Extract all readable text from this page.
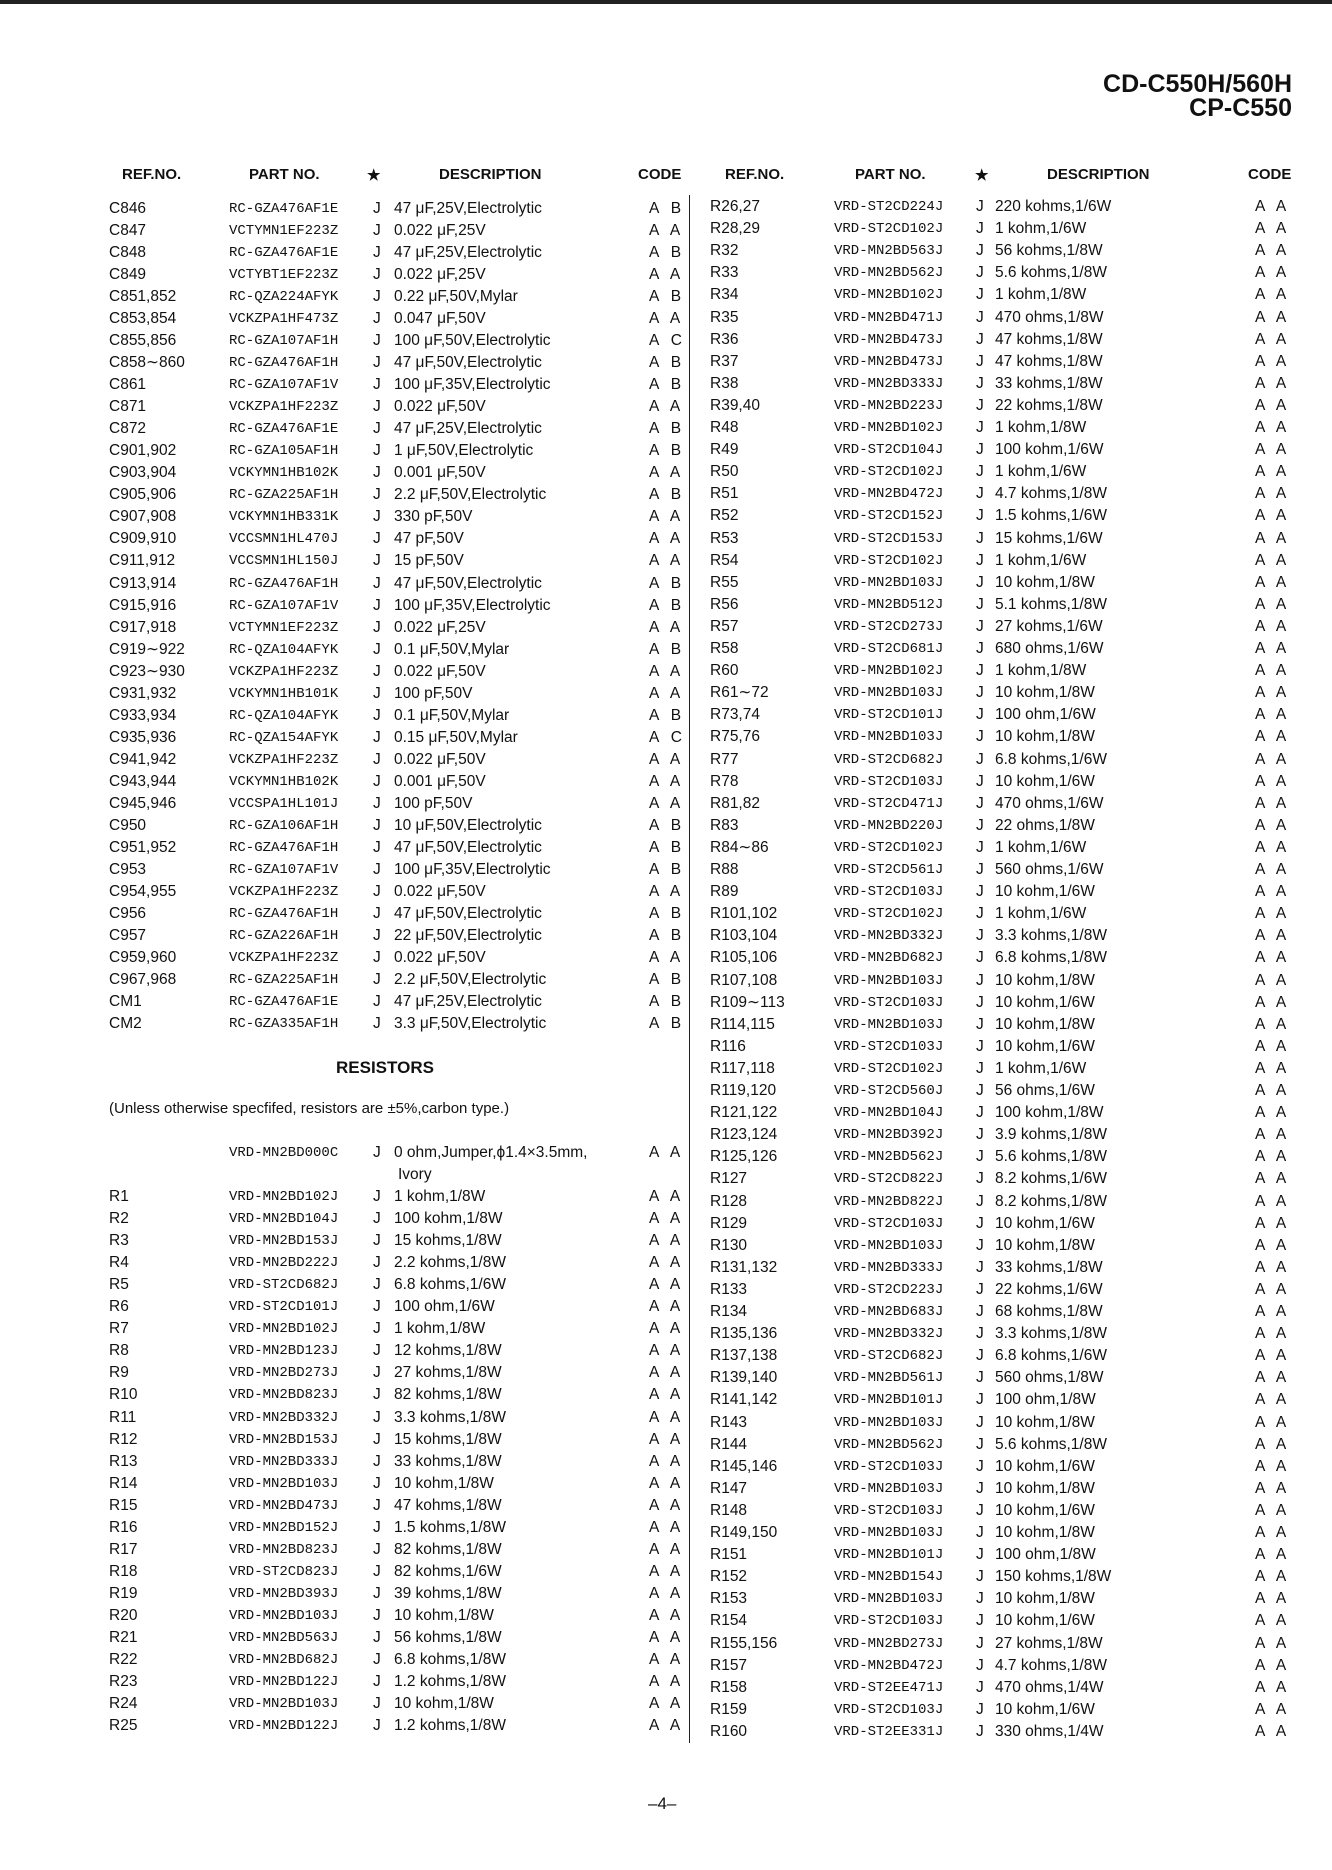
CD-C550H/560H
CP-C550
REF.NO.	PART NO.	★	DESCRIPTION	CODE	REF.NO.	PART NO.	★	DESCRIPTION	CODE
C846	RC-GZA476AF1E J 47 μF,25V,Electrolytic	A B
C847	VCTYMN1EF223Z J 0.022 μF,25V	A A
C848	RC-GZA476AF1E J 47 μF,25V,Electrolytic	A B
C849	VCTYBT1EF223Z J 0.022 μF,25V	A A
C851,852	RC-QZA224AFYK J 0.22 μF,50V,Mylar	A B
C853,854	VCKZPA1HF473Z J 0.047 μF,50V	A A
C855,856	RC-GZA107AF1H J 100 μF,50V,Electrolytic	A C
C858∼860	RC-GZA476AF1H J 47 μF,50V,Electrolytic	A B
C861	RC-GZA107AF1V J 100 μF,35V,Electrolytic	A B
C871	VCKZPA1HF223Z J 0.022 μF,50V	A A
C872	RC-GZA476AF1E J 47 μF,25V,Electrolytic	A B
C901,902	RC-GZA105AF1H J 1 μF,50V,Electrolytic	A B
C903,904	VCKYMN1HB102K J 0.001 μF,50V	A A
C905,906	RC-GZA225AF1H J 2.2 μF,50V,Electrolytic	A B
C907,908	VCKYMN1HB331K J 330 pF,50V	A A
C909,910	VCCSMN1HL470J J 47 pF,50V	A A
C911,912	VCCSMN1HL150J J 15 pF,50V	A A
C913,914	RC-GZA476AF1H J 47 μF,50V,Electrolytic	A B
C915,916	RC-GZA107AF1V J 100 μF,35V,Electrolytic	A B
C917,918	VCTYMN1EF223Z J 0.022 μF,25V	A A
C919∼922	RC-QZA104AFYK J 0.1 μF,50V,Mylar	A B
C923∼930	VCKZPA1HF223Z J 0.022 μF,50V	A A
C931,932	VCKYMN1HB101K J 100 pF,50V	A A
C933,934	RC-QZA104AFYK J 0.1 μF,50V,Mylar	A B
C935,936	RC-QZA154AFYK J 0.15 μF,50V,Mylar	A C
C941,942	VCKZPA1HF223Z J 0.022 μF,50V	A A
C943,944	VCKYMN1HB102K J 0.001 μF,50V	A A
C945,946	VCCSPA1HL101J J 100 pF,50V	A A
C950	RC-GZA106AF1H J 10 μF,50V,Electrolytic	A B
C951,952	RC-GZA476AF1H J 47 μF,50V,Electrolytic	A B
C953	RC-GZA107AF1V J 100 μF,35V,Electrolytic	A B
C954,955	VCKZPA1HF223Z J 0.022 μF,50V	A A
C956	RC-GZA476AF1H J 47 μF,50V,Electrolytic	A B
C957	RC-GZA226AF1H J 22 μF,50V,Electrolytic	A B
C959,960	VCKZPA1HF223Z J 0.022 μF,50V	A A
C967,968	RC-GZA225AF1H J 2.2 μF,50V,Electrolytic	A B
CM1	RC-GZA476AF1E J 47 μF,25V,Electrolytic	A B
CM2	RC-GZA335AF1H J 3.3 μF,50V,Electrolytic	A B
RESISTORS
(Unless otherwise specfifed, resistors are ±5%,carbon type.)
VRD-MN2BD000C J 0 ohm,Jumper,ϕ1.4×3.5mm,	A A
Ivory
R1	VRD-MN2BD102J J 1 kohm,1/8W	A A
R2	VRD-MN2BD104J J 100 kohm,1/8W	A A
R3	VRD-MN2BD153J J 15 kohms,1/8W	A A
R4	VRD-MN2BD222J J 2.2 kohms,1/8W	A A
R5	VRD-ST2CD682J J 6.8 kohms,1/6W	A A
R6	VRD-ST2CD101J J 100 ohm,1/6W	A A
R7	VRD-MN2BD102J J 1 kohm,1/8W	A A
R8	VRD-MN2BD123J J 12 kohms,1/8W	A A
R9	VRD-MN2BD273J J 27 kohms,1/8W	A A
R10	VRD-MN2BD823J J 82 kohms,1/8W	A A
R11	VRD-MN2BD332J J 3.3 kohms,1/8W	A A
R12	VRD-MN2BD153J J 15 kohms,1/8W	A A
R13	VRD-MN2BD333J J 33 kohms,1/8W	A A
R14	VRD-MN2BD103J J 10 kohm,1/8W	A A
R15	VRD-MN2BD473J J 47 kohms,1/8W	A A
R16	VRD-MN2BD152J J 1.5 kohms,1/8W	A A
R17	VRD-MN2BD823J J 82 kohms,1/8W	A A
R18	VRD-ST2CD823J J 82 kohms,1/6W	A A
R19	VRD-MN2BD393J J 39 kohms,1/8W	A A
R20	VRD-MN2BD103J J 10 kohm,1/8W	A A
R21	VRD-MN2BD563J J 56 kohms,1/8W	A A
R22	VRD-MN2BD682J J 6.8 kohms,1/8W	A A
R23	VRD-MN2BD122J J 1.2 kohms,1/8W	A A
R24	VRD-MN2BD103J J 10 kohm,1/8W	A A
R25	VRD-MN2BD122J J 1.2 kohms,1/8W	A A
R26,27	VRD-ST2CD224J J 220 kohms,1/6W	A A
R28,29	VRD-ST2CD102J J 1 kohm,1/6W	A A
R32	VRD-MN2BD563J J 56 kohms,1/8W	A A
R33	VRD-MN2BD562J J 5.6 kohms,1/8W	A A
R34	VRD-MN2BD102J J 1 kohm,1/8W	A A
R35	VRD-MN2BD471J J 470 ohms,1/8W	A A
R36	VRD-MN2BD473J J 47 kohms,1/8W	A A
R37	VRD-MN2BD473J J 47 kohms,1/8W	A A
R38	VRD-MN2BD333J J 33 kohms,1/8W	A A
R39,40	VRD-MN2BD223J J 22 kohms,1/8W	A A
R48	VRD-MN2BD102J J 1 kohm,1/8W	A A
R49	VRD-ST2CD104J J 100 kohm,1/6W	A A
R50	VRD-ST2CD102J J 1 kohm,1/6W	A A
R51	VRD-MN2BD472J J 4.7 kohms,1/8W	A A
R52	VRD-ST2CD152J J 1.5 kohms,1/6W	A A
R53	VRD-ST2CD153J J 15 kohms,1/6W	A A
R54	VRD-ST2CD102J J 1 kohm,1/6W	A A
R55	VRD-MN2BD103J J 10 kohm,1/8W	A A
R56	VRD-MN2BD512J J 5.1 kohms,1/8W	A A
R57	VRD-ST2CD273J J 27 kohms,1/6W	A A
R58	VRD-ST2CD681J J 680 ohms,1/6W	A A
R60	VRD-MN2BD102J J 1 kohm,1/8W	A A
R61∼72	VRD-MN2BD103J J 10 kohm,1/8W	A A
R73,74	VRD-ST2CD101J J 100 ohm,1/6W	A A
R75,76	VRD-MN2BD103J J 10 kohm,1/8W	A A
R77	VRD-ST2CD682J J 6.8 kohms,1/6W	A A
R78	VRD-ST2CD103J J 10 kohm,1/6W	A A
R81,82	VRD-ST2CD471J J 470 ohms,1/6W	A A
R83	VRD-MN2BD220J J 22 ohms,1/8W	A A
R84∼86	VRD-ST2CD102J J 1 kohm,1/6W	A A
R88	VRD-ST2CD561J J 560 ohms,1/6W	A A
R89	VRD-ST2CD103J J 10 kohm,1/6W	A A
R101,102	VRD-ST2CD102J J 1 kohm,1/6W	A A
R103,104	VRD-MN2BD332J J 3.3 kohms,1/8W	A A
R105,106	VRD-MN2BD682J J 6.8 kohms,1/8W	A A
R107,108	VRD-MN2BD103J J 10 kohm,1/8W	A A
R109∼113	VRD-ST2CD103J J 10 kohm,1/6W	A A
R114,115	VRD-MN2BD103J J 10 kohm,1/8W	A A
R116	VRD-ST2CD103J J 10 kohm,1/6W	A A
R117,118	VRD-ST2CD102J J 1 kohm,1/6W	A A
R119,120	VRD-ST2CD560J J 56 ohms,1/6W	A A
R121,122	VRD-MN2BD104J J 100 kohm,1/8W	A A
R123,124	VRD-MN2BD392J J 3.9 kohms,1/8W	A A
R125,126	VRD-MN2BD562J J 5.6 kohms,1/8W	A A
R127	VRD-ST2CD822J J 8.2 kohms,1/6W	A A
R128	VRD-MN2BD822J J 8.2 kohms,1/8W	A A
R129	VRD-ST2CD103J J 10 kohm,1/6W	A A
R130	VRD-MN2BD103J J 10 kohm,1/8W	A A
R131,132	VRD-MN2BD333J J 33 kohms,1/8W	A A
R133	VRD-ST2CD223J J 22 kohms,1/6W	A A
R134	VRD-MN2BD683J J 68 kohms,1/8W	A A
R135,136	VRD-MN2BD332J J 3.3 kohms,1/8W	A A
R137,138	VRD-ST2CD682J J 6.8 kohms,1/6W	A A
R139,140	VRD-MN2BD561J J 560 ohms,1/8W	A A
R141,142	VRD-MN2BD101J J 100 ohm,1/8W	A A
R143	VRD-MN2BD103J J 10 kohm,1/8W	A A
R144	VRD-MN2BD562J J 5.6 kohms,1/8W	A A
R145,146	VRD-ST2CD103J J 10 kohm,1/6W	A A
R147	VRD-MN2BD103J J 10 kohm,1/8W	A A
R148	VRD-ST2CD103J J 10 kohm,1/6W	A A
R149,150	VRD-MN2BD103J J 10 kohm,1/8W	A A
R151	VRD-MN2BD101J J 100 ohm,1/8W	A A
R152	VRD-MN2BD154J J 150 kohms,1/8W	A A
R153	VRD-MN2BD103J J 10 kohm,1/8W	A A
R154	VRD-ST2CD103J J 10 kohm,1/6W	A A
R155,156	VRD-MN2BD273J J 27 kohms,1/8W	A A
R157	VRD-MN2BD472J J 4.7 kohms,1/8W	A A
R158	VRD-ST2EE471J J 470 ohms,1/4W	A A
R159	VRD-ST2CD103J J 10 kohm,1/6W	A A
R160	VRD-ST2EE331J J 330 ohms,1/4W	A A
–4–
